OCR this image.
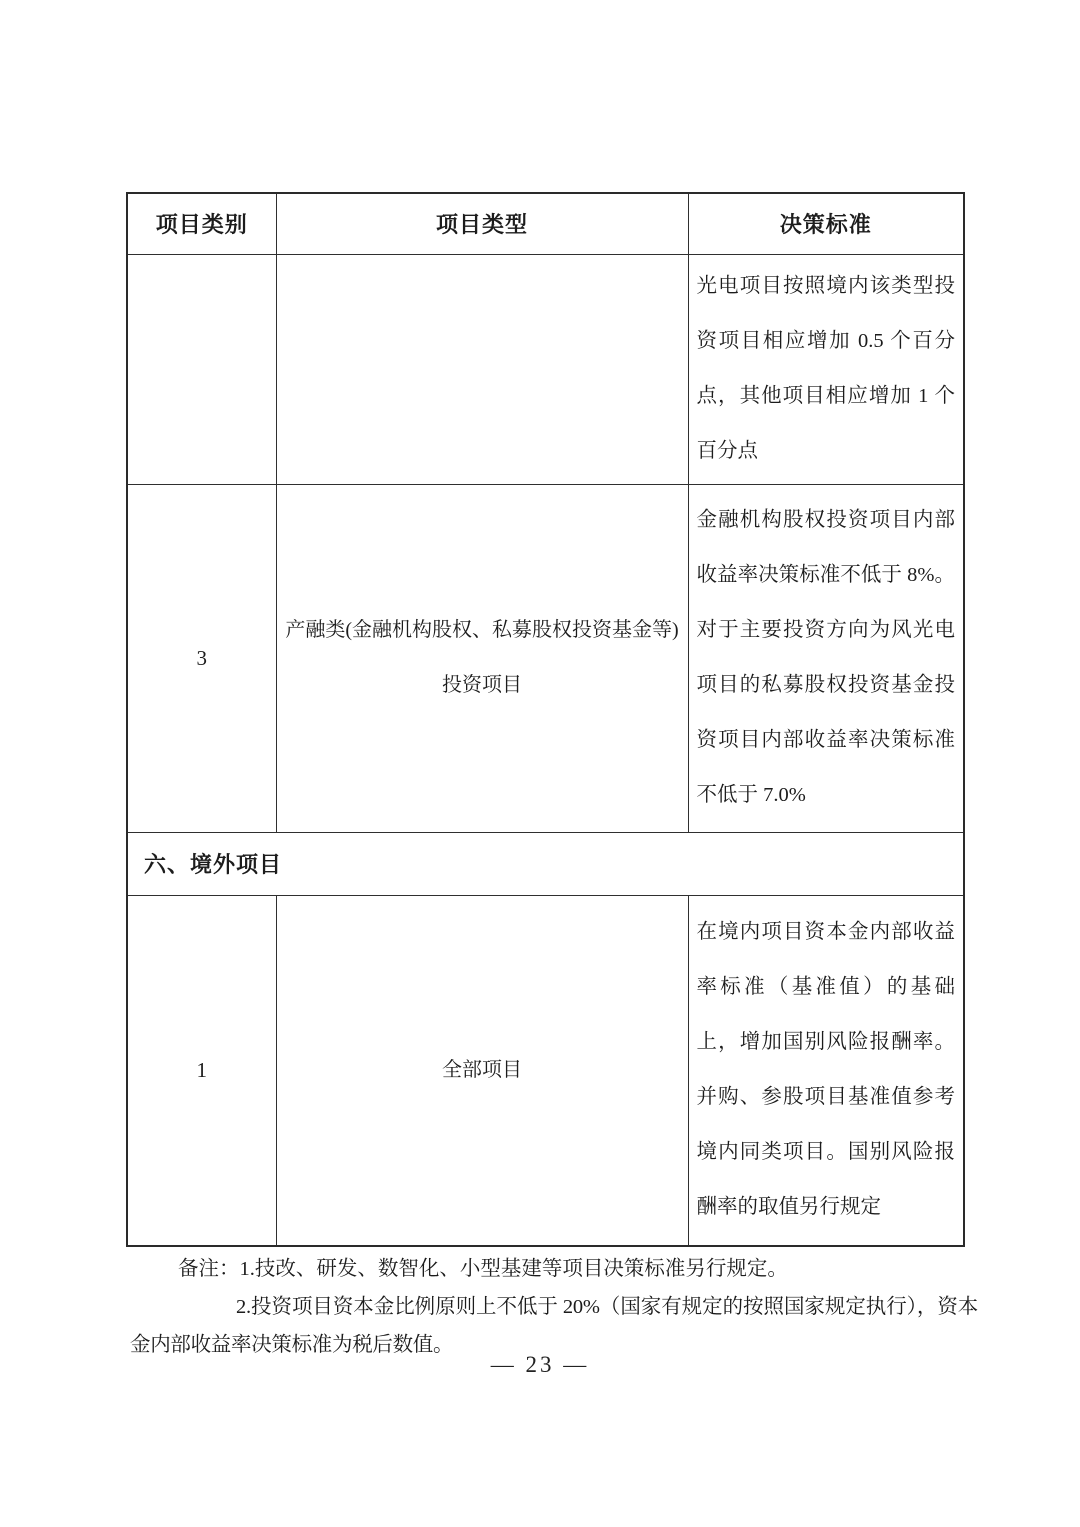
项目类别	项目类型	决策标准
		光电项目按照境内该类型投资项目相应增加 0.5 个百分点，其他项目相应增加 1 个百分点
3	产融类(金融机构股权、私募股权投资基金等)投资项目	金融机构股权投资项目内部收益率决策标准不低于 8%。对于主要投资方向为风光电项目的私募股权投资基金投资项目内部收益率决策标准不低于 7.0%
六、境外项目		
1	全部项目	在境内项目资本金内部收益率标准（基准值）的基础上，增加国别风险报酬率。并购、参股项目基准值参考境内同类项目。国别风险报酬率的取值另行规定

备注：1.技改、研发、数智化、小型基建等项目决策标准另行规定。

2.投资项目资本金比例原则上不低于 20%（国家有规定的按照国家规定执行），资本金内部收益率决策标准为税后数值。

— 23 —
